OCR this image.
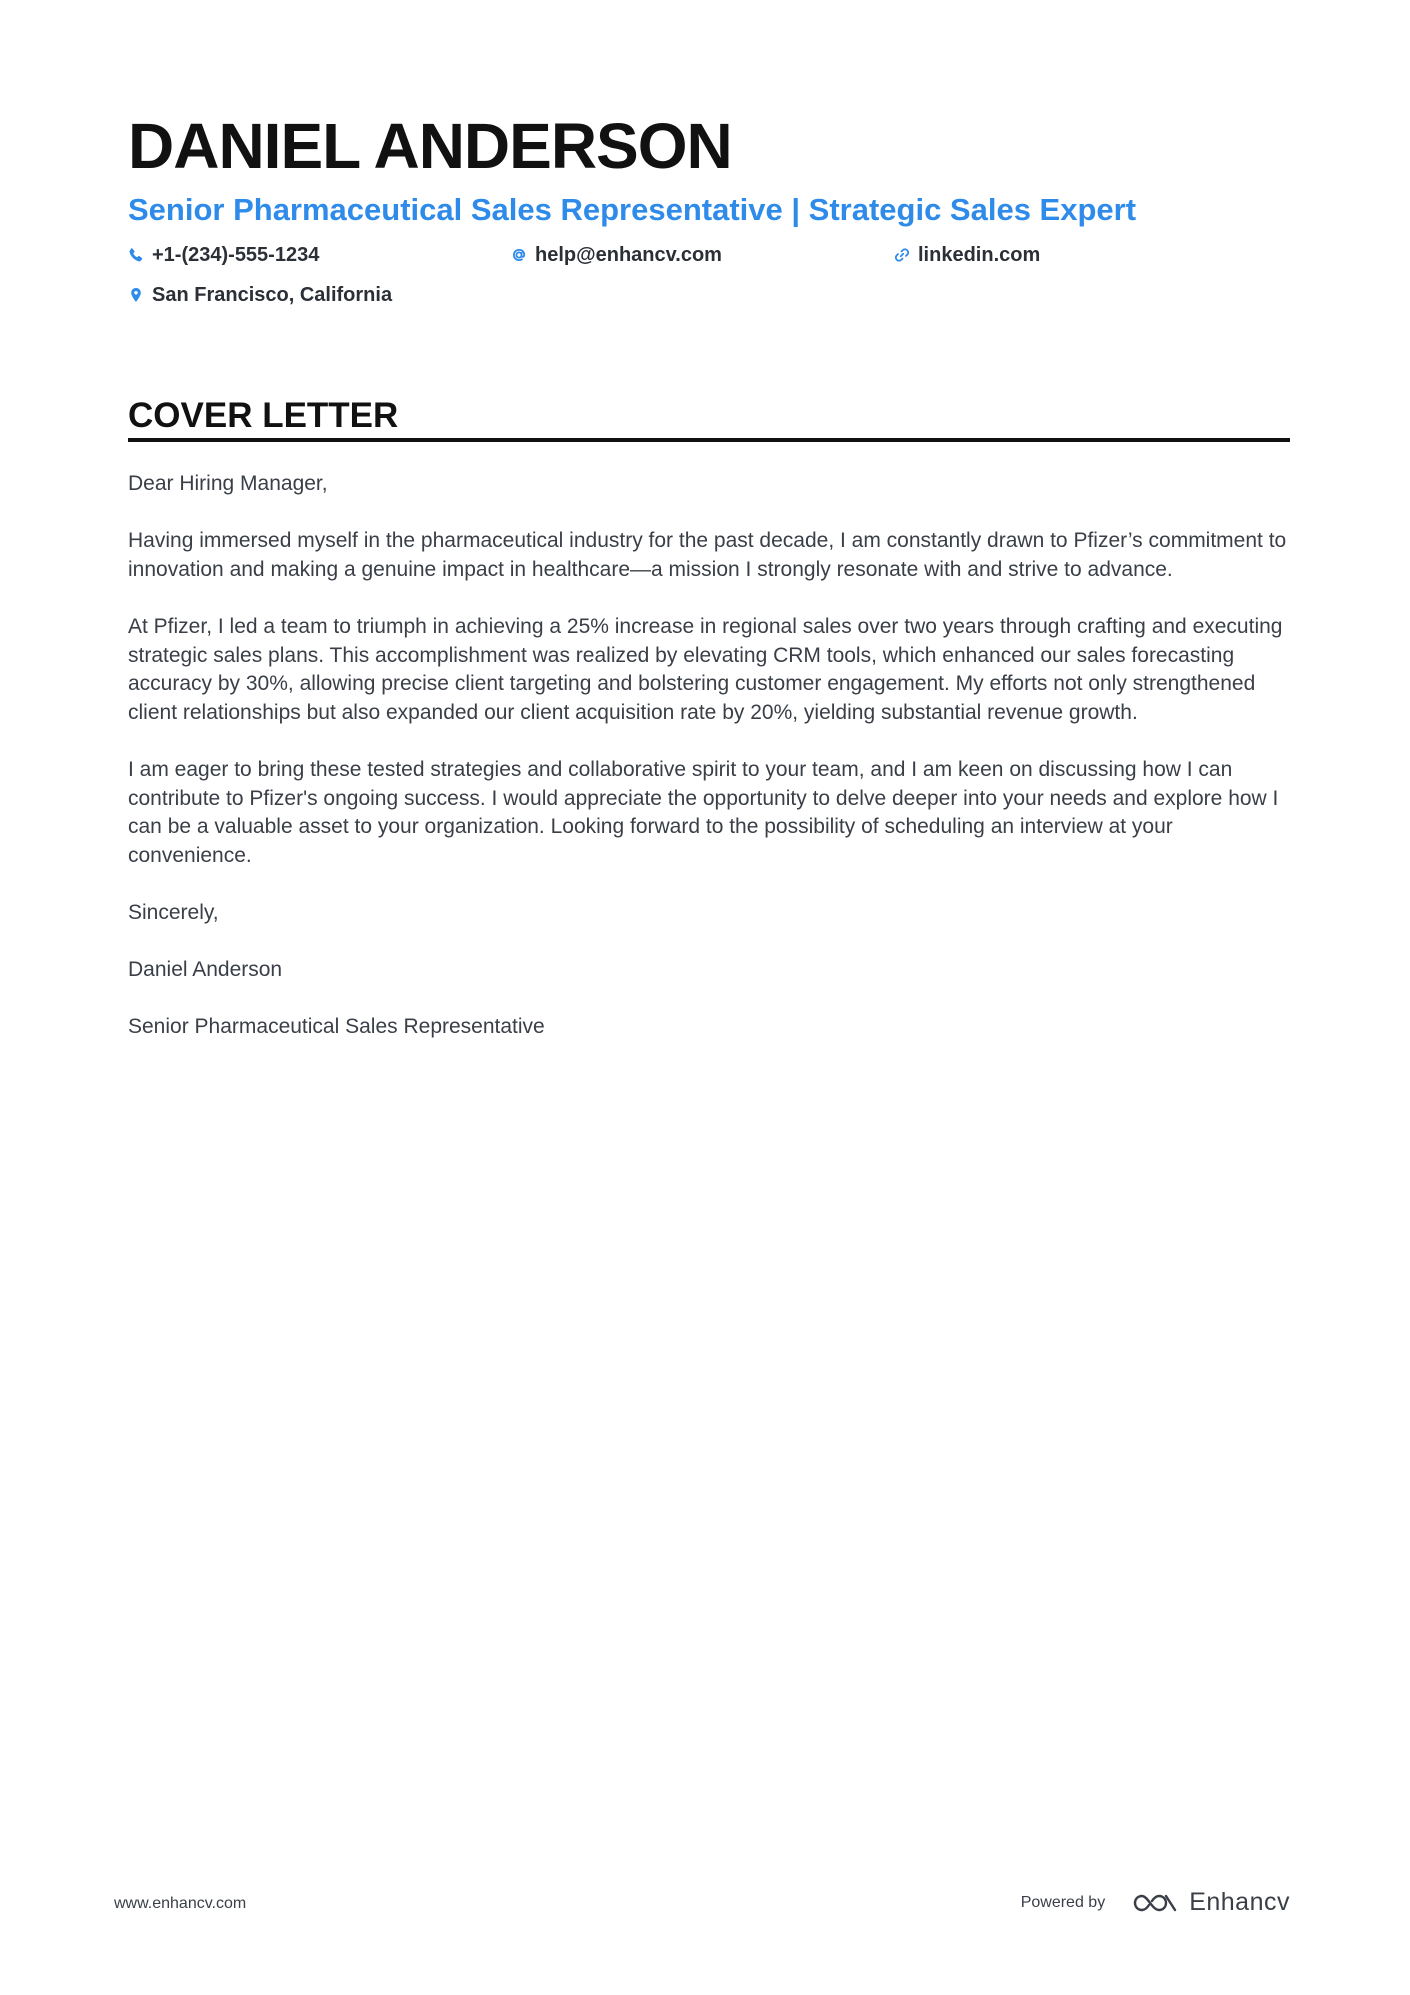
DANIEL ANDERSON
Senior Pharmaceutical Sales Representative | Strategic Sales Expert
+1-(234)-555-1234	help@enhancv.com	linkedin.com
San Francisco, California
COVER LETTER

Dear Hiring Manager,

Having immersed myself in the pharmaceutical industry for the past decade, I am constantly drawn to Pfizer’s commitment to innovation and making a genuine impact in healthcare—a mission I strongly resonate with and strive to advance.

At Pfizer, I led a team to triumph in achieving a 25% increase in regional sales over two years through crafting and executing strategic sales plans. This accomplishment was realized by elevating CRM tools, which enhanced our sales forecasting accuracy by 30%, allowing precise client targeting and bolstering customer engagement. My efforts not only strengthened client relationships but also expanded our client acquisition rate by 20%, yielding substantial revenue growth.

I am eager to bring these tested strategies and collaborative spirit to your team, and I am keen on discussing how I can contribute to Pfizer's ongoing success. I would appreciate the opportunity to delve deeper into your needs and explore how I can be a valuable asset to your organization. Looking forward to the possibility of scheduling an interview at your convenience.

Sincerely,

Daniel Anderson

Senior Pharmaceutical Sales Representative

www.enhancv.com	Powered by	Enhancv
